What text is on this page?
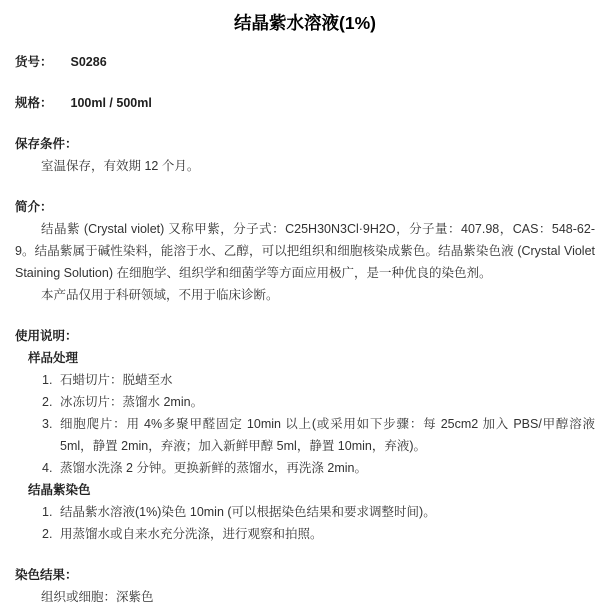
结晶紫水溶液(1%)
货号： S0286
规格： 100ml / 500ml
保存条件：
室温保存，有效期 12 个月。
简介：
结晶紫 (Crystal violet) 又称甲紫，分子式：C25H30N3Cl·9H2O，分子量：407.98，CAS：548-62-9。结晶紫属于碱性染料，能溶于水、乙醇，可以把组织和细胞核染成紫色。结晶紫染色液 (Crystal Violet Staining Solution) 在细胞学、组织学和细菌学等方面应用极广，是一种优良的染色剂。
本产品仅用于科研领域，不用于临床诊断。
使用说明：
样品处理
1. 石蜡切片：脱蜡至水
2. 冰冻切片：蒸馏水 2min。
3. 细胞爬片：用 4%多聚甲醛固定 10min 以上(或采用如下步骤：每 25cm2 加入 PBS/甲醇溶液 5ml，静置 2min，弃液；加入新鲜甲醇 5ml，静置 10min，弃液)。
4. 蒸馏水洗涤 2 分钟。更换新鲜的蒸馏水，再洗涤 2min。
结晶紫染色
1. 结晶紫水溶液(1%)染色 10min (可以根据染色结果和要求调整时间)。
2. 用蒸馏水或自来水充分洗涤，进行观察和拍照。
染色结果：
组织或细胞：深紫色
